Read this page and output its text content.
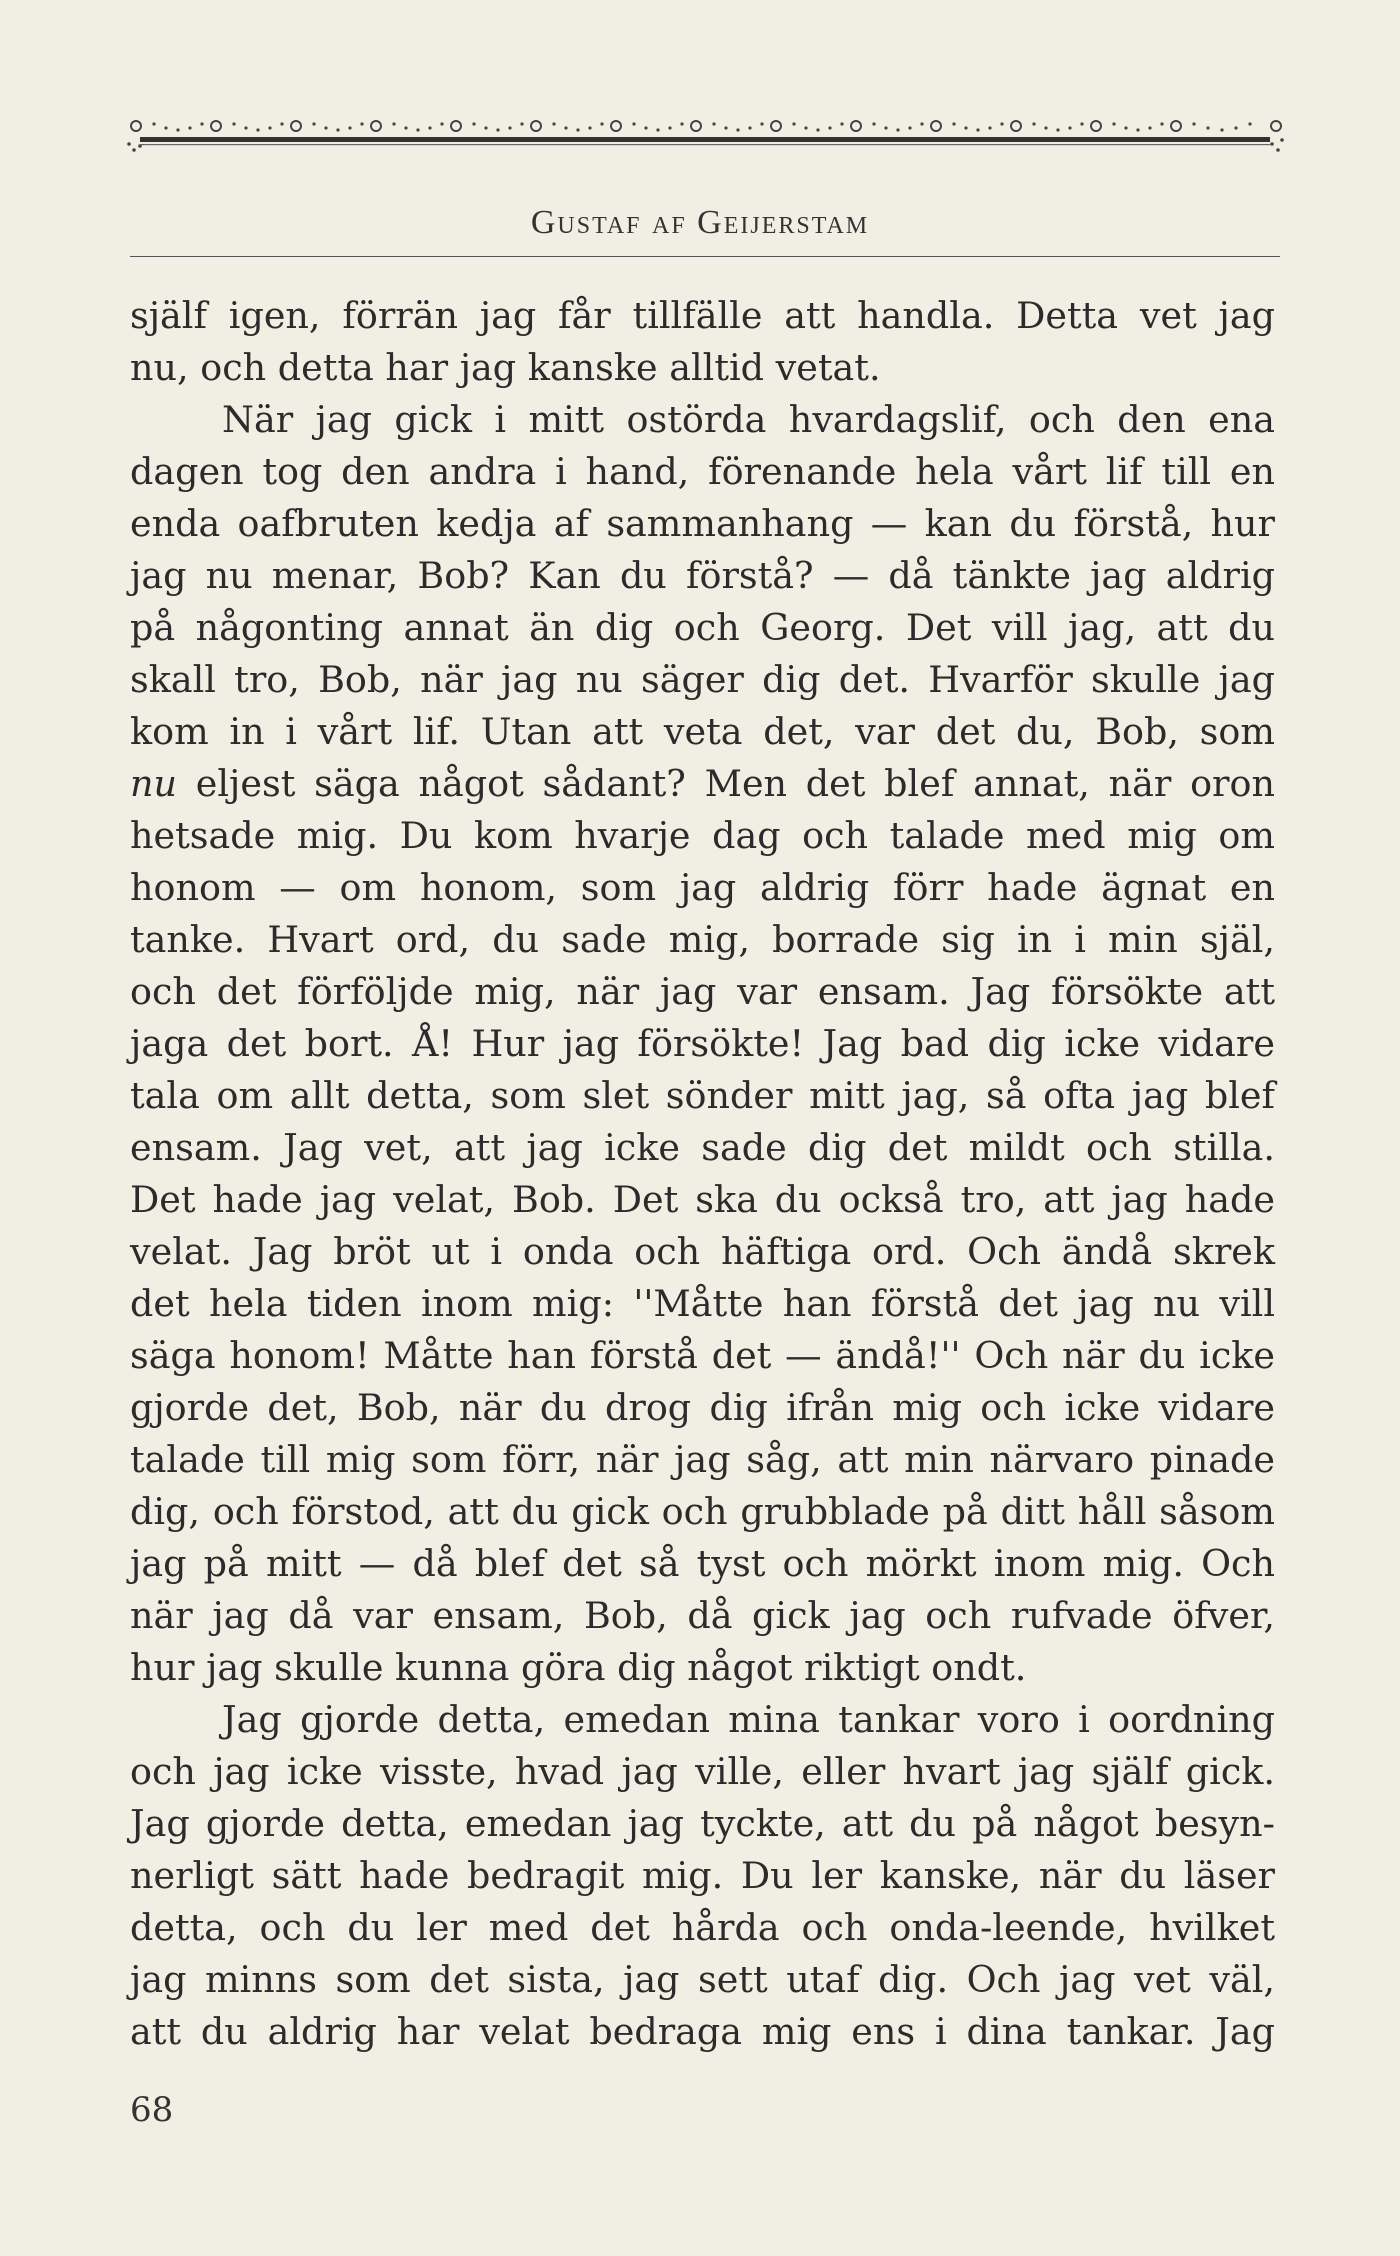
Gustaf af Geijerstam
själf igen, förrän jag får tillfälle att handla. Detta vet jag
nu, och detta har jag kanske alltid vetat.
När jag gick i mitt ostörda hvardagslif, och den ena
dagen tog den andra i hand, förenande hela vårt lif till en
enda oafbruten kedja af sammanhang — kan du förstå, hur
jag nu menar, Bob? Kan du förstå? — då tänkte jag aldrig
på någonting annat än dig och Georg. Det vill jag, att du
skall tro, Bob, när jag nu säger dig det. Hvarför skulle jag
kom in i vårt lif. Utan att veta det, var det du, Bob, som
nu eljest säga något sådant? Men det blef annat, när oron
hetsade mig. Du kom hvarje dag och talade med mig om
honom — om honom, som jag aldrig förr hade ägnat en
tanke. Hvart ord, du sade mig, borrade sig in i min själ,
och det förföljde mig, när jag var ensam. Jag försökte att
jaga det bort. Å! Hur jag försökte! Jag bad dig icke vidare
tala om allt detta, som slet sönder mitt jag, så ofta jag blef
ensam. Jag vet, att jag icke sade dig det mildt och stilla.
Det hade jag velat, Bob. Det ska du också tro, att jag hade
velat. Jag bröt ut i onda och häftiga ord. Och ändå skrek
det hela tiden inom mig: ''Måtte han förstå det jag nu vill
säga honom! Måtte han förstå det — ändå!'' Och när du icke
gjorde det, Bob, när du drog dig ifrån mig och icke vidare
talade till mig som förr, när jag såg, att min närvaro pinade
dig, och förstod, att du gick och grubblade på ditt håll såsom
jag på mitt — då blef det så tyst och mörkt inom mig. Och
när jag då var ensam, Bob, då gick jag och rufvade öfver,
hur jag skulle kunna göra dig något riktigt ondt.
Jag gjorde detta, emedan mina tankar voro i oordning
och jag icke visste, hvad jag ville, eller hvart jag själf gick.
Jag gjorde detta, emedan jag tyckte, att du på något besyn-
nerligt sätt hade bedragit mig. Du ler kanske, när du läser
detta, och du ler med det hårda och onda-leende, hvilket
jag minns som det sista, jag sett utaf dig. Och jag vet väl,
att du aldrig har velat bedraga mig ens i dina tankar. Jag
68
